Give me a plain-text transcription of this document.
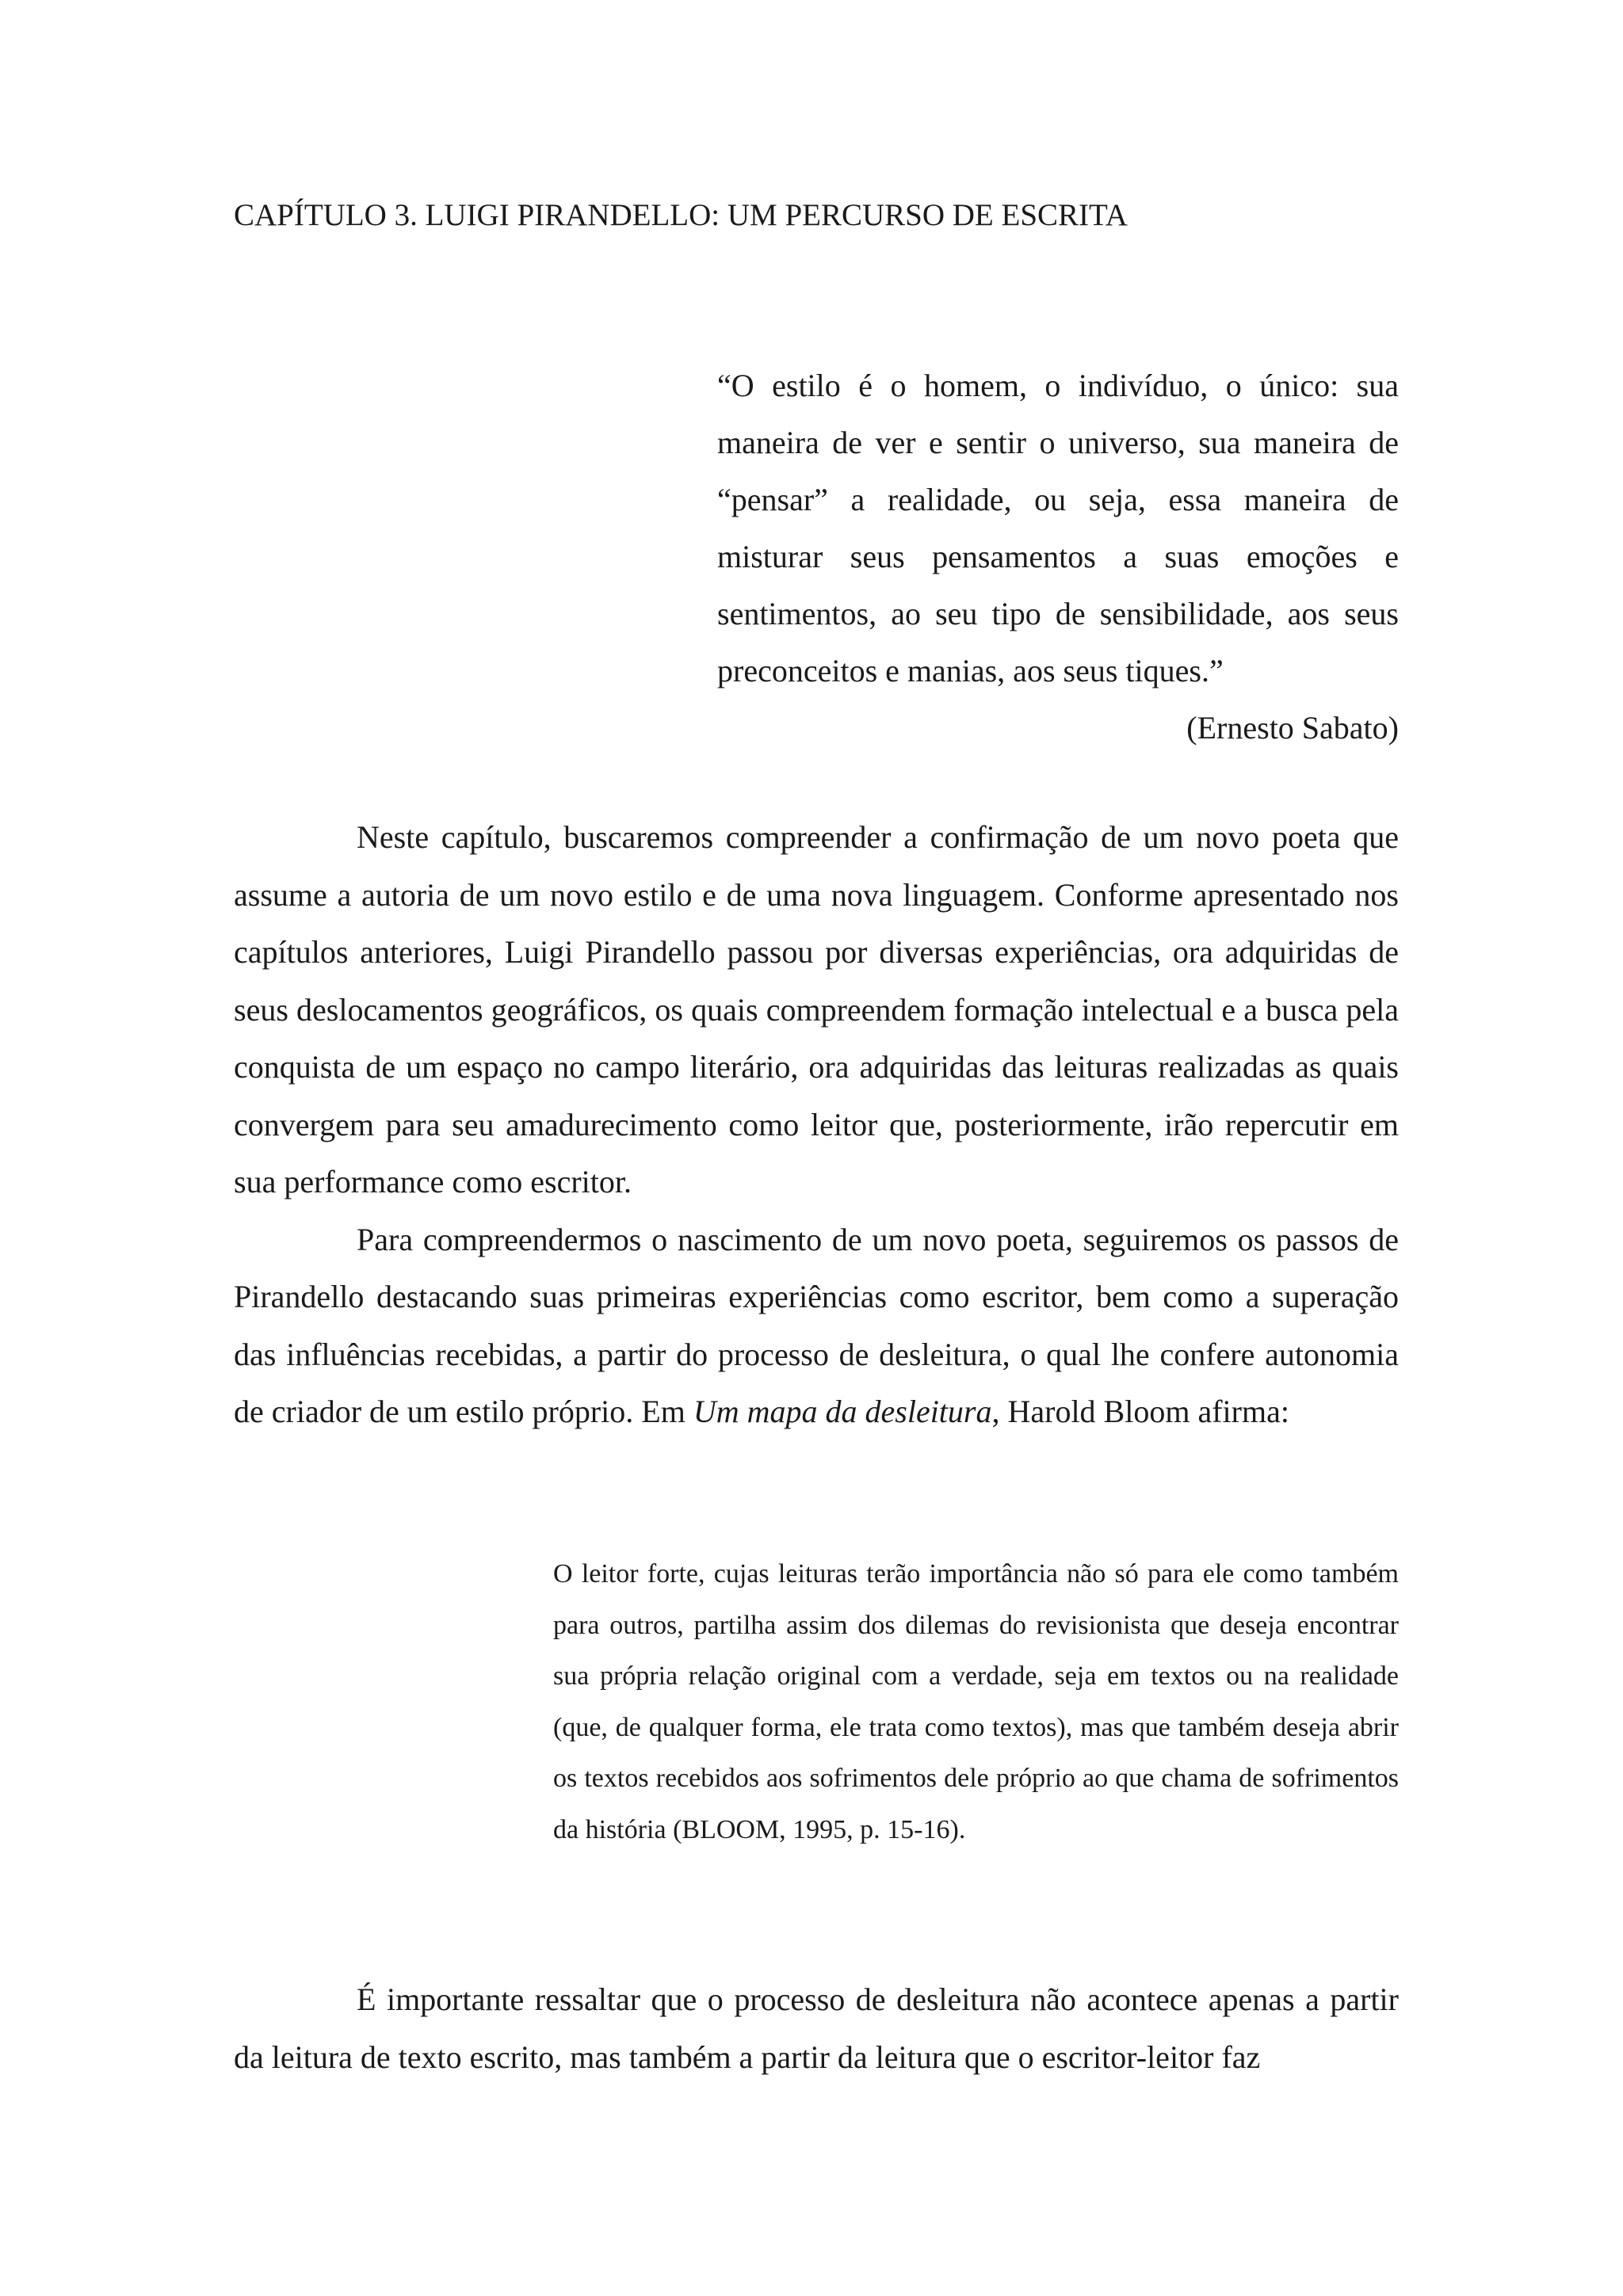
CAPÍTULO 3. LUIGI PIRANDELLO: UM PERCURSO DE ESCRITA

“O estilo é o homem, o indivíduo, o único: sua maneira de ver e sentir o universo, sua maneira de “pensar” a realidade, ou seja, essa maneira de misturar seus pensamentos a suas emoções e sentimentos, ao seu tipo de sensibilidade, aos seus preconceitos e manias, aos seus tiques.”

(Ernesto Sabato)

Neste capítulo, buscaremos compreender a confirmação de um novo poeta que assume a autoria de um novo estilo e de uma nova linguagem. Conforme apresentado nos capítulos anteriores, Luigi Pirandello passou por diversas experiências, ora adquiridas de seus deslocamentos geográficos, os quais compreendem formação intelectual e a busca pela conquista de um espaço no campo literário, ora adquiridas das leituras realizadas as quais convergem para seu amadurecimento como leitor que, posteriormente, irão repercutir em sua performance como escritor.

Para compreendermos o nascimento de um novo poeta, seguiremos os passos de Pirandello destacando suas primeiras experiências como escritor, bem como a superação das influências recebidas, a partir do processo de desleitura, o qual lhe confere autonomia de criador de um estilo próprio. Em Um mapa da desleitura, Harold Bloom afirma:

O leitor forte, cujas leituras terão importância não só para ele como também para outros, partilha assim dos dilemas do revisionista que deseja encontrar sua própria relação original com a verdade, seja em textos ou na realidade (que, de qualquer forma, ele trata como textos), mas que também deseja abrir os textos recebidos aos sofrimentos dele próprio ao que chama de sofrimentos da história (BLOOM, 1995, p. 15-16).

É importante ressaltar que o processo de desleitura não acontece apenas a partir da leitura de texto escrito, mas também a partir da leitura que o escritor-leitor faz
